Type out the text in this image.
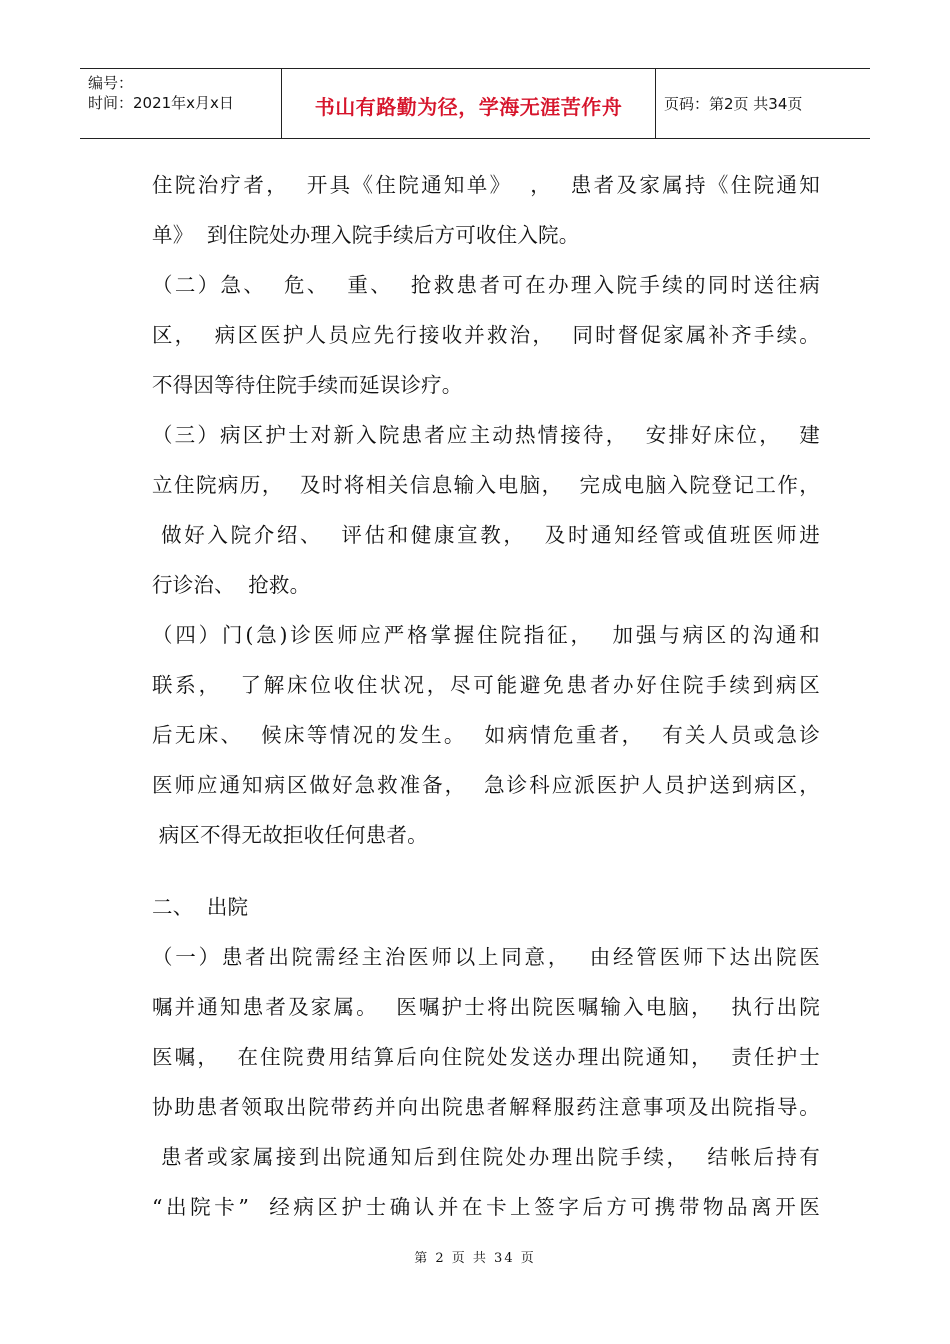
编号：
时间：2021年x月x日	书山有路勤为径，学海无涯苦作舟	页码：第2页 共34页

住院治疗者，  开具《住院通知单》  ，  患者及家属持《住院通知

单》  到住院处办理入院手续后方可收住入院。

（二）急、  危、  重、  抢救患者可在办理入院手续的同时送往病

区，  病区医护人员应先行接收并救治，  同时督促家属补齐手续。

不得因等待住院手续而延误诊疗。

（三）病区护士对新入院患者应主动热情接待，  安排好床位，  建

立住院病历，  及时将相关信息输入电脑，  完成电脑入院登记工作，

做好入院介绍、  评估和健康宣教，  及时通知经管或值班医师进

行诊治、  抢救。

（四）门(急)诊医师应严格掌握住院指征，  加强与病区的沟通和

联系，  了解床位收住状况，尽可能避免患者办好住院手续到病区

后无床、  候床等情况的发生。  如病情危重者，  有关人员或急诊

医师应通知病区做好急救准备，  急诊科应派医护人员护送到病区，

病区不得无故拒收任何患者。

二、  出院

（一）患者出院需经主治医师以上同意，  由经管医师下达出院医

嘱并通知患者及家属。  医嘱护士将出院医嘱输入电脑，  执行出院

医嘱，  在住院费用结算后向住院处发送办理出院通知，  责任护士

协助患者领取出院带药并向出院患者解释服药注意事项及出院指导。

患者或家属接到出院通知后到住院处办理出院手续，  结帐后持有

“出院卡”  经病区护士确认并在卡上签字后方可携带物品离开医

第 2 页 共 34 页
